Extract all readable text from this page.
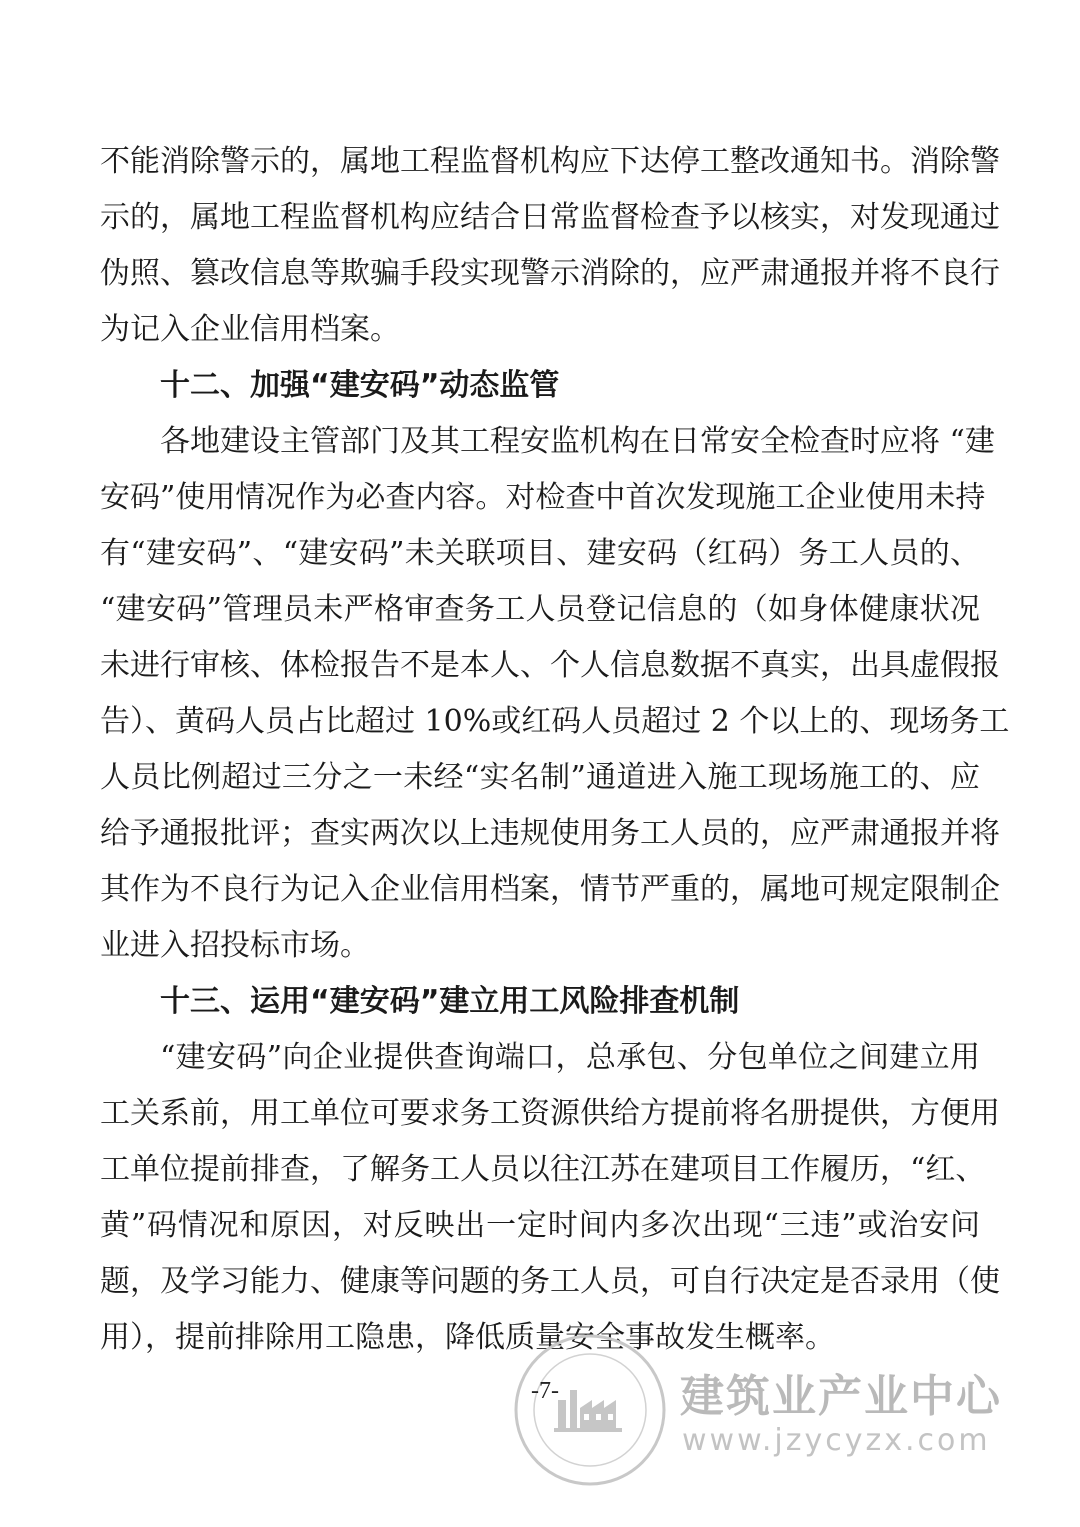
不能消除警示的，属地工程监督机构应下达停工整改通知书。消除警
示的，属地工程监督机构应结合日常监督检查予以核实，对发现通过
伪照、篡改信息等欺骗手段实现警示消除的，应严肃通报并将不良行
为记入企业信用档案。
十二、加强“建安码”动态监管
各地建设主管部门及其工程安监机构在日常安全检查时应将 “建
安码”使用情况作为必查内容。对检查中首次发现施工企业使用未持
有“建安码”、“建安码”未关联项目、建安码（红码）务工人员的、
“建安码”管理员未严格审查务工人员登记信息的（如身体健康状况
未进行审核、体检报告不是本人、个人信息数据不真实，出具虚假报
告）、黄码人员占比超过 10%或红码人员超过 2 个以上的、现场务工
人员比例超过三分之一未经“实名制”通道进入施工现场施工的、应
给予通报批评；查实两次以上违规使用务工人员的，应严肃通报并将
其作为不良行为记入企业信用档案，情节严重的，属地可规定限制企
业进入招投标市场。
十三、运用“建安码”建立用工风险排查机制
“建安码”向企业提供查询端口，总承包、分包单位之间建立用
工关系前，用工单位可要求务工资源供给方提前将名册提供，方便用
工单位提前排查，了解务工人员以往江苏在建项目工作履历，“红、
黄”码情况和原因，对反映出一定时间内多次出现“三违”或治安问
题，及学习能力、健康等问题的务工人员，可自行决定是否录用（使
用），提前排除用工隐患，降低质量安全事故发生概率。
-7-	建筑业产业中心
www.jzycyzx.com
